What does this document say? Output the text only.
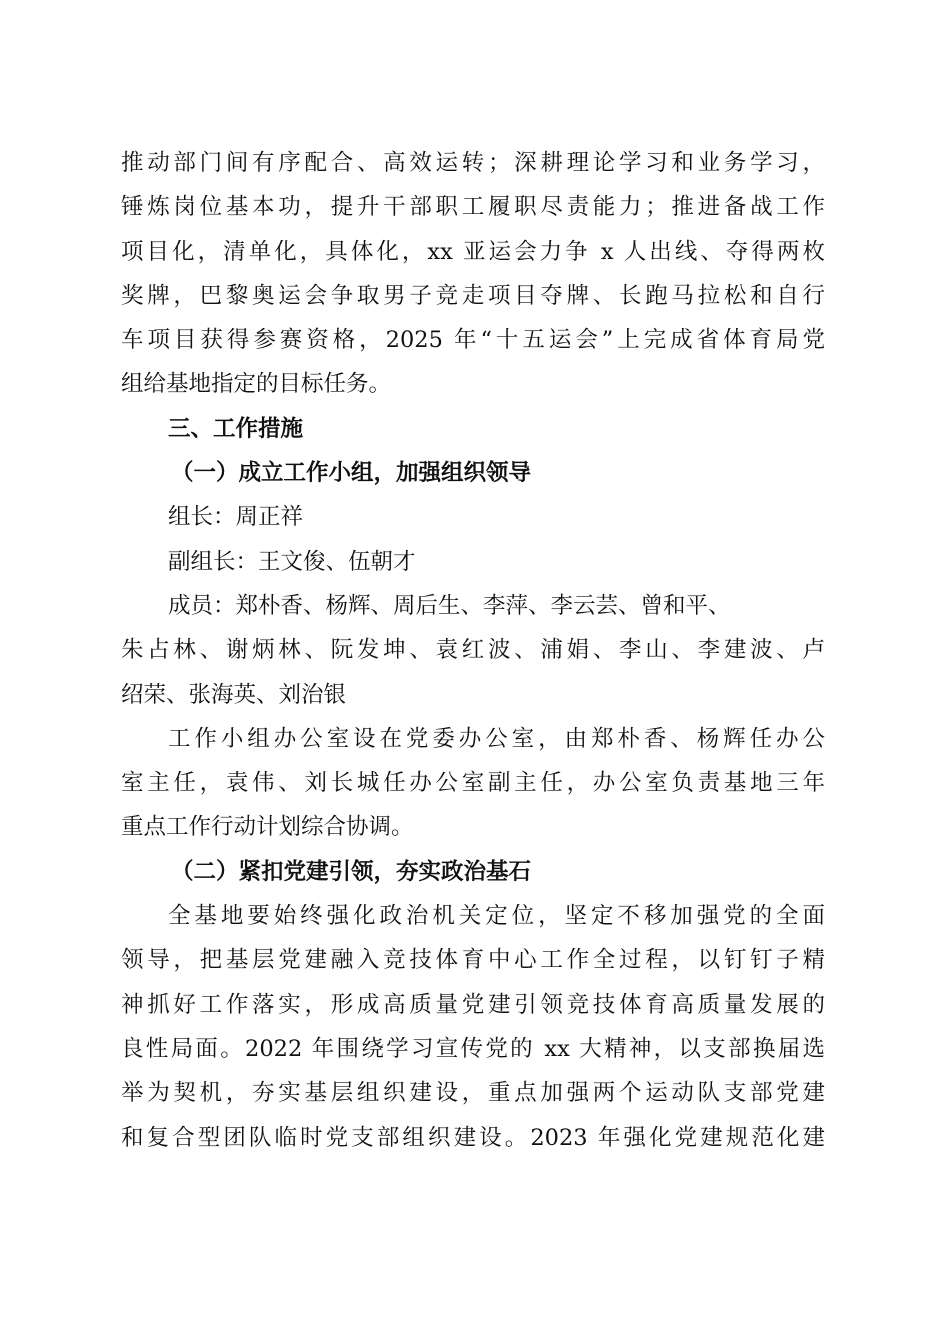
推动部门间有序配合、高效运转；深耕理论学习和业务学习，
锤炼岗位基本功，提升干部职工履职尽责能力；推进备战工作
项目化，清单化，具体化，xx 亚运会力争 x 人出线、夺得两枚
奖牌，巴黎奥运会争取男子竞走项目夺牌、长跑马拉松和自行
车项目获得参赛资格，2025 年“十五运会”上完成省体育局党
组给基地指定的目标任务。
三、工作措施
（一）成立工作小组，加强组织领导
组长：周正祥
副组长：王文俊、伍朝才
成员：郑朴香、杨辉、周后生、李萍、李云芸、曾和平、
朱占林、谢炳林、阮发坤、袁红波、浦娟、李山、李建波、卢
绍荣、张海英、刘治银
工作小组办公室设在党委办公室，由郑朴香、杨辉任办公
室主任，袁伟、刘长城任办公室副主任，办公室负责基地三年
重点工作行动计划综合协调。
（二）紧扣党建引领，夯实政治基石
全基地要始终强化政治机关定位，坚定不移加强党的全面
领导，把基层党建融入竞技体育中心工作全过程，以钉钉子精
神抓好工作落实，形成高质量党建引领竞技体育高质量发展的
良性局面。2022 年围绕学习宣传党的 xx 大精神，以支部换届选
举为契机，夯实基层组织建设，重点加强两个运动队支部党建
和复合型团队临时党支部组织建设。2023 年强化党建规范化建
